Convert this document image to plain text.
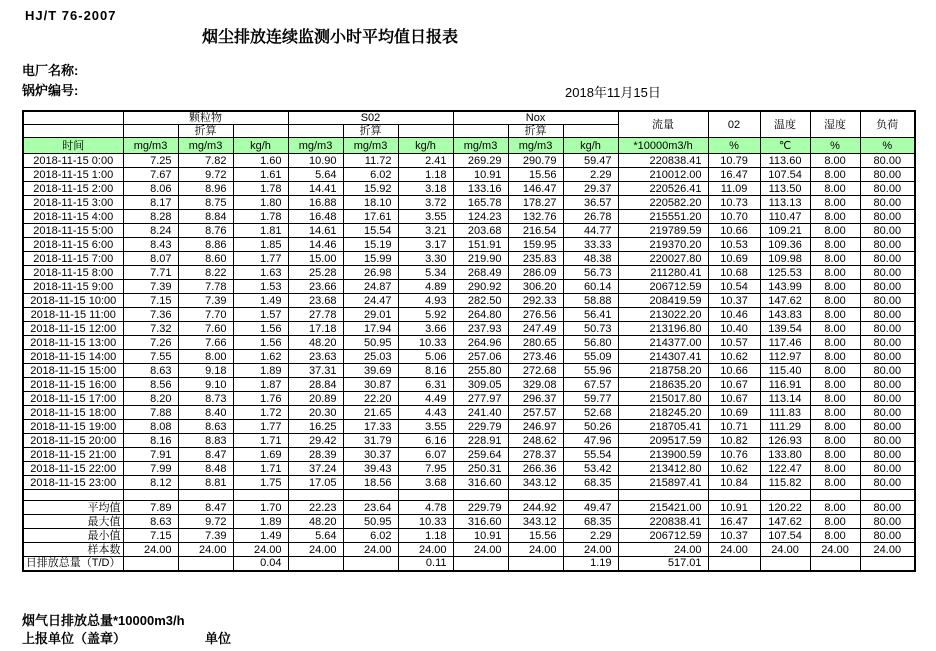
HJ/T 76-2007
烟尘排放连续监测小时平均值日报表
电厂名称:
锅炉编号:	2018年11月15日
	颗粒物			S02			Nox			流量	02	温度	湿度	负荷
		折算			折算			折算						
时间	mg/m3	mg/m3	kg/h	mg/m3	mg/m3	kg/h	mg/m3	mg/m3	kg/h	*10000m3/h	%	℃	%	%
2018-11-15 0:00	7.25	7.82	1.60	10.90	11.72	2.41	269.29	290.79	59.47	220838.41	10.79	113.60	8.00	80.00
2018-11-15 1:00	7.67	9.72	1.61	5.64	6.02	1.18	10.91	15.56	2.29	210012.00	16.47	107.54	8.00	80.00
2018-11-15 2:00	8.06	8.96	1.78	14.41	15.92	3.18	133.16	146.47	29.37	220526.41	11.09	113.50	8.00	80.00
2018-11-15 3:00	8.17	8.75	1.80	16.88	18.10	3.72	165.78	178.27	36.57	220582.20	10.73	113.13	8.00	80.00
2018-11-15 4:00	8.28	8.84	1.78	16.48	17.61	3.55	124.23	132.76	26.78	215551.20	10.70	110.47	8.00	80.00
2018-11-15 5:00	8.24	8.76	1.81	14.61	15.54	3.21	203.68	216.54	44.77	219789.59	10.66	109.21	8.00	80.00
2018-11-15 6:00	8.43	8.86	1.85	14.46	15.19	3.17	151.91	159.95	33.33	219370.20	10.53	109.36	8.00	80.00
2018-11-15 7:00	8.07	8.60	1.77	15.00	15.99	3.30	219.90	235.83	48.38	220027.80	10.69	109.98	8.00	80.00
2018-11-15 8:00	7.71	8.22	1.63	25.28	26.98	5.34	268.49	286.09	56.73	211280.41	10.68	125.53	8.00	80.00
2018-11-15 9:00	7.39	7.78	1.53	23.66	24.87	4.89	290.92	306.20	60.14	206712.59	10.54	143.99	8.00	80.00
2018-11-15 10:00	7.15	7.39	1.49	23.68	24.47	4.93	282.50	292.33	58.88	208419.59	10.37	147.62	8.00	80.00
2018-11-15 11:00	7.36	7.70	1.57	27.78	29.01	5.92	264.80	276.56	56.41	213022.20	10.46	143.83	8.00	80.00
2018-11-15 12:00	7.32	7.60	1.56	17.18	17.94	3.66	237.93	247.49	50.73	213196.80	10.40	139.54	8.00	80.00
2018-11-15 13:00	7.26	7.66	1.56	48.20	50.95	10.33	264.96	280.65	56.80	214377.00	10.57	117.46	8.00	80.00
2018-11-15 14:00	7.55	8.00	1.62	23.63	25.03	5.06	257.06	273.46	55.09	214307.41	10.62	112.97	8.00	80.00
2018-11-15 15:00	8.63	9.18	1.89	37.31	39.69	8.16	255.80	272.68	55.96	218758.20	10.66	115.40	8.00	80.00
2018-11-15 16:00	8.56	9.10	1.87	28.84	30.87	6.31	309.05	329.08	67.57	218635.20	10.67	116.91	8.00	80.00
2018-11-15 17:00	8.20	8.73	1.76	20.89	22.20	4.49	277.97	296.37	59.77	215017.80	10.67	113.14	8.00	80.00
2018-11-15 18:00	7.88	8.40	1.72	20.30	21.65	4.43	241.40	257.57	52.68	218245.20	10.69	111.83	8.00	80.00
2018-11-15 19:00	8.08	8.63	1.77	16.25	17.33	3.55	229.79	246.97	50.26	218705.41	10.71	111.29	8.00	80.00
2018-11-15 20:00	8.16	8.83	1.71	29.42	31.79	6.16	228.91	248.62	47.96	209517.59	10.82	126.93	8.00	80.00
2018-11-15 21:00	7.91	8.47	1.69	28.39	30.37	6.07	259.64	278.37	55.54	213900.59	10.76	133.80	8.00	80.00
2018-11-15 22:00	7.99	8.48	1.71	37.24	39.43	7.95	250.31	266.36	53.42	213412.80	10.62	122.47	8.00	80.00
2018-11-15 23:00	8.12	8.81	1.75	17.05	18.56	3.68	316.60	343.12	68.35	215897.41	10.84	115.82	8.00	80.00

平均值	7.89	8.47	1.70	22.23	23.64	4.78	229.79	244.92	49.47	215421.00	10.91	120.22	8.00	80.00

最大值	8.63	9.72	1.89	48.20	50.95	10.33	316.60	343.12	68.35	220838.41	16.47	147.62	8.00	80.00

最小值	7.15	7.39	1.49	5.64	6.02	1.18	10.91	15.56	2.29	206712.59	10.37	107.54	8.00	80.00

样本数	24.00	24.00	24.00	24.00	24.00	24.00	24.00	24.00	24.00	24.00	24.00	24.00	24.00	24.00

日排放总量（T/D）			0.04			0.11			1.19	517.01				
烟气日排放总量*10000m3/h
上报单位（盖章）	单位
